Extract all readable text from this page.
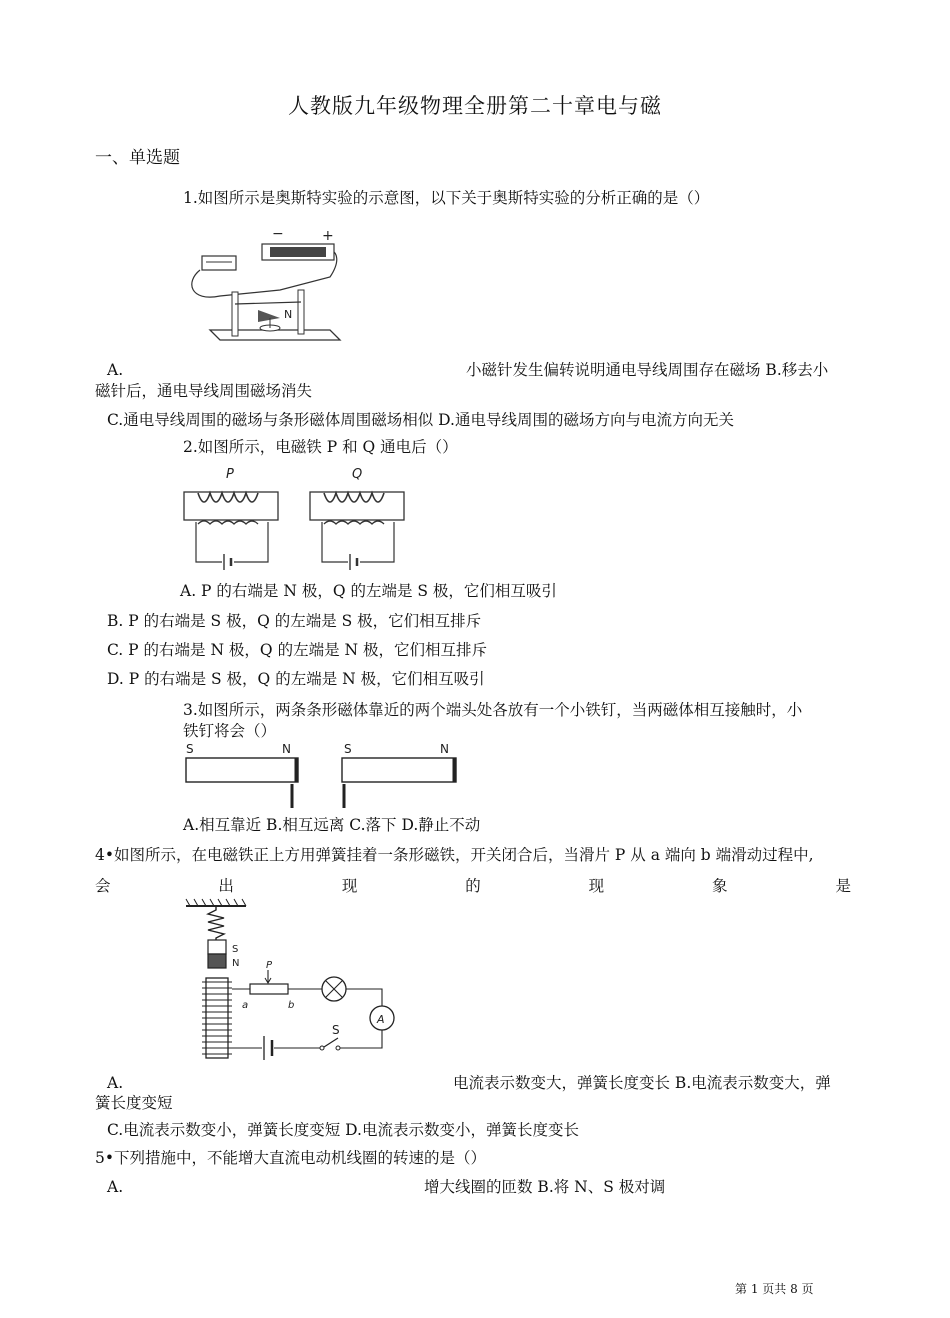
人教版九年级物理全册第二十章电与磁
一、单选题
1.如图所示是奥斯特实验的示意图，以下关于奥斯特实验的分析正确的是（）
−	+
N
A.	小磁针发生偏转说明通电导线周围存在磁场 B.移去小
磁针后，通电导线周围磁场消失
C.通电导线周围的磁场与条形磁体周围磁场相似 D.通电导线周围的磁场方向与电流方向无关
2.如图所示，电磁铁 P 和 Q 通电后（）
P	Q
A. P 的右端是 N 极，Q 的左端是 S 极，它们相互吸引
B. P 的右端是 S 极，Q 的左端是 S 极，它们相互排斥
C. P 的右端是 N 极，Q 的左端是 N 极，它们相互排斥
D. P 的右端是 S 极，Q 的左端是 N 极，它们相互吸引
3.如图所示，两条条形磁体靠近的两个端头处各放有一个小铁钉，当两磁体相互接触时，小
铁钉将会（）
S	N	S	N
A.相互靠近 B.相互远离 C.落下 D.静止不动
4•如图所示，在电磁铁正上方用弹簧挂着一条形磁铁，开关闭合后，当滑片 P 从 a 端向 b 端滑动过程中,
会	出	现	的	现	象	是
S
N	P
a	b
A
S
A.	电流表示数变大，弹簧长度变长 B.电流表示数变大，弹
簧长度变短
C.电流表示数变小，弹簧长度变短 D.电流表示数变小，弹簧长度变长
5•下列措施中，不能增大直流电动机线圈的转速的是（）
A.	增大线圈的匝数 B.将 N、S 极对调
第 1 页共 8 页
